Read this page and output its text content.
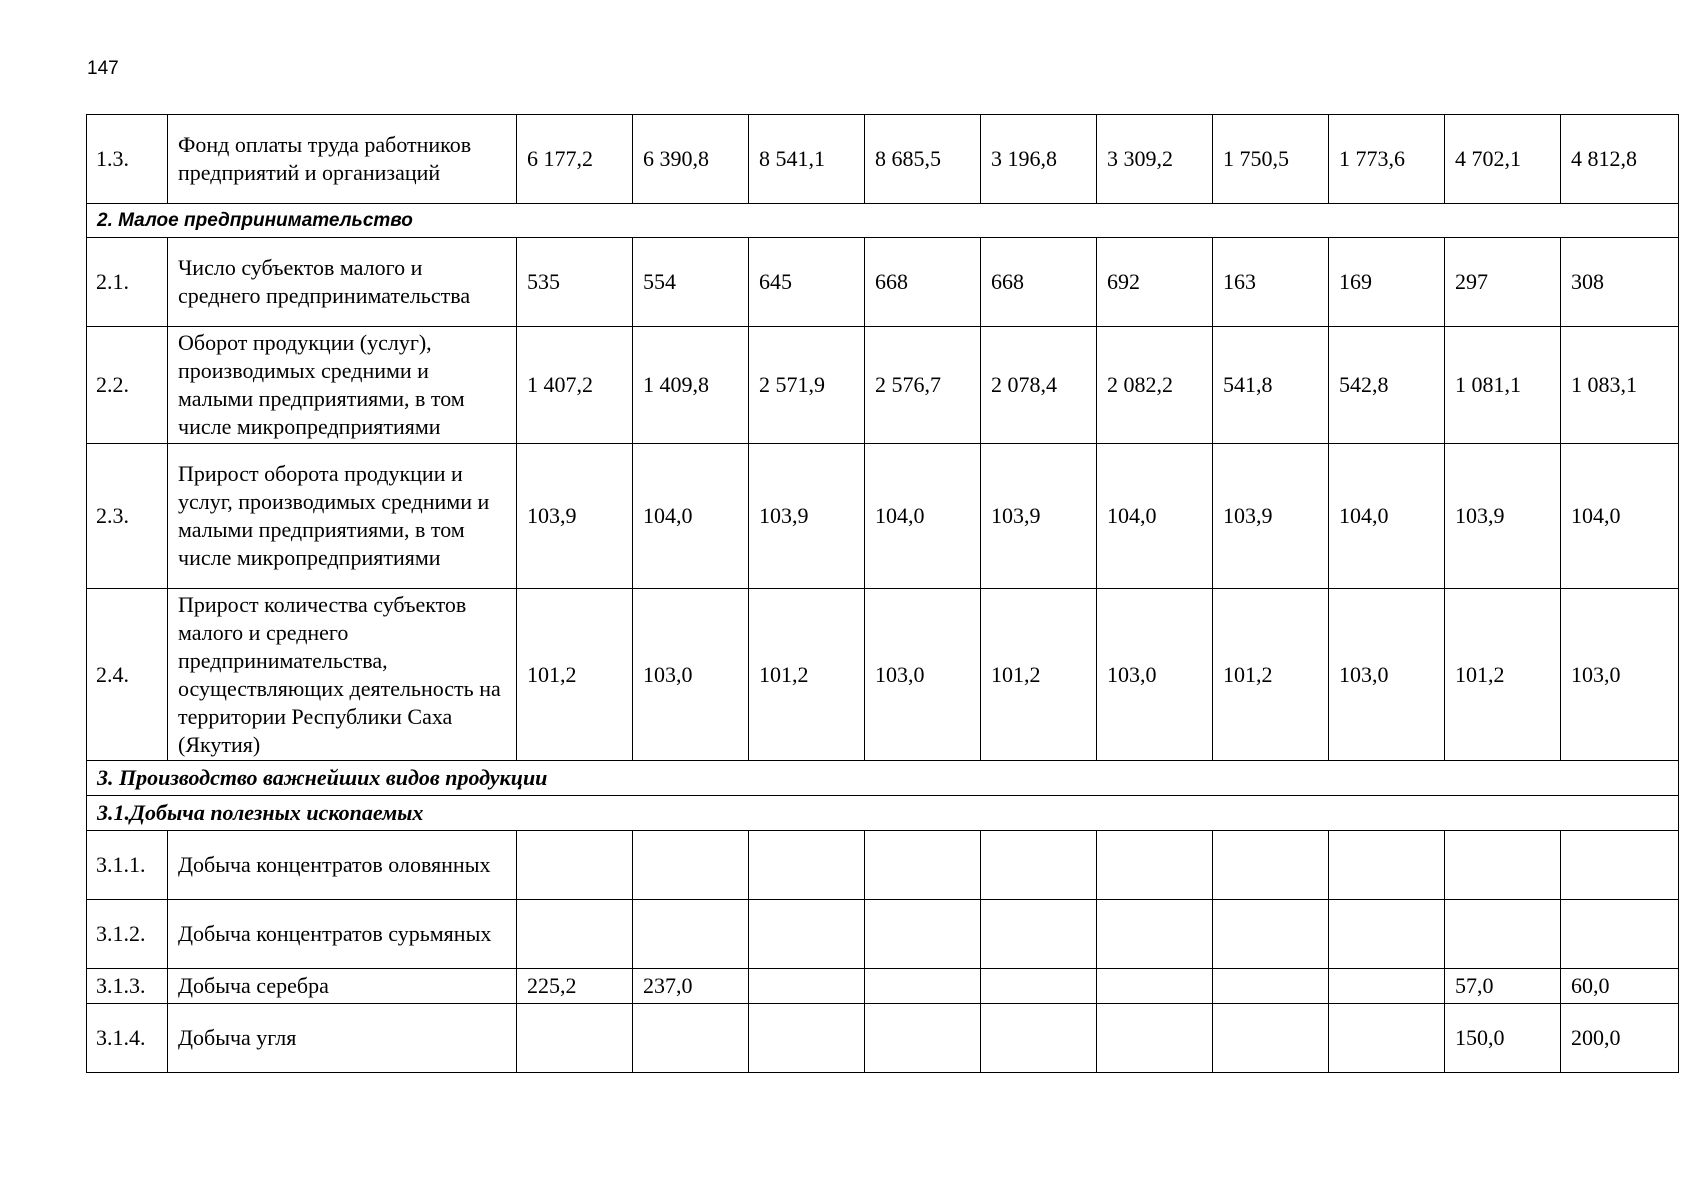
147
1.3.	Фонд оплаты труда работников предприятий и организаций	6 177,2	6 390,8	8 541,1	8 685,5	3 196,8	3 309,2	1 750,5	1 773,6	4 702,1	4 812,8
2. Малое предпринимательство											
2.1.	Число субъектов малого и среднего предпринимательства	535	554	645	668	668	692	163	169	297	308
2.2.	Оборот продукции (услуг), производимых средними и малыми предприятиями, в том числе микропредприятиями	1 407,2	1 409,8	2 571,9	2 576,7	2 078,4	2 082,2	541,8	542,8	1 081,1	1 083,1
2.3.	Прирост оборота продукции и услуг, производимых средними и малыми предприятиями, в том числе микропредприятиями	103,9	104,0	103,9	104,0	103,9	104,0	103,9	104,0	103,9	104,0
2.4.	Прирост количества субъектов малого и среднего предпринимательства, осуществляющих деятельность на территории Республики Саха (Якутия)	101,2	103,0	101,2	103,0	101,2	103,0	101,2	103,0	101,2	103,0
3. Производство важнейших видов продукции											
3.1.Добыча полезных ископаемых											
3.1.1.	Добыча концентратов оловянных										
3.1.2.	Добыча концентратов сурьмяных										
3.1.3.	Добыча серебра	225,2	237,0							57,0	60,0
3.1.4.	Добыча угля									150,0	200,0
